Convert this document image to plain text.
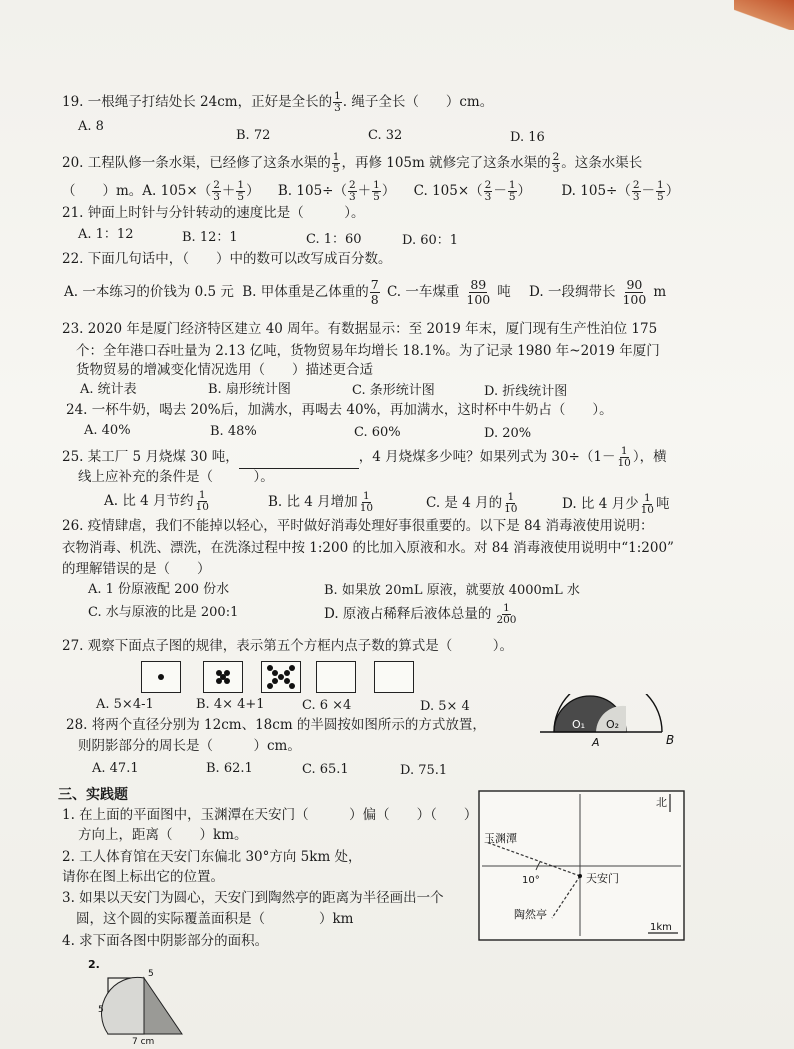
19. 一根绳子打结处长 24cm，正好是全长的 $\frac{1}{3}$ . 绳子全长（　　）cm。
A. 8
B. 72	C. 32	D. 16
20. 工程队修一条水渠，已经修了这条水渠的 $\frac{1}{5}$ ，再修 105m 就修完了这条水渠的 $\frac{2}{3}$ 。这条水渠长
（　　）m。A. $105\times( \frac{2}{3} + \frac{1}{5}$ ） B. $105\div( \frac{2}{3} + \frac{1}{5}$ ） C. $105\times( \frac{2}{3} - \frac{1}{5}$ ） D. $105\div( \frac{2}{3} - \frac{1}{5}$ ）
21. 钟面上时针与分针转动的速度比是（　　　）。
A. 1：12	B. 12：1	C. 1：60	D. 60：1
22. 下面几句话中，（　　）中的数可以改写成百分数。
A. 一本练习的价钱为 0.5 元 B. 甲体重是乙体重的 $\frac{7}{8} C$. 一车煤重 $\frac{89}{100}$ 吨 D. 一段绸带长 $\frac{90}{100}$ m
23. 2020 年是厦门经济特区建立 40 周年。有数据显示：至 2019 年末，厦门现有生产性泊位 175
个：全年港口吞吐量为 2.13 亿吨，货物贸易年均增长 18.1%。为了记录 1980 年~2019 年厦门
货物贸易的增减变化情况选用（　　）描述更合适
A. 统计表	B. 扇形统计图	C. 条形统计图	D. 折线统计图
24. 一杯牛奶，喝去 20%后，加满水，再喝去 40%，再加满水，这时杯中牛奶占（　　）。
A. 40%	B. 48%	C. 60%	D. 20%
25. 某工厂 5 月烧煤 30 吨，	，4 月烧煤多少吨？如果列式为 $30\div(1- \frac{1}{10}$ ），横
线上应补充的条件是（　　　）。
A. 比 4 月节约 $\frac{1}{10}$	B. 比 4 月增加 $\frac{1}{10}$	C. 是 4 月的 $\frac{1}{10}$	D. 比 4 月少 $\frac{1}{10}$ 吨
26. 疫情肆虐，我们不能掉以轻心，平时做好消毒处理好事很重要的。以下是 84 消毒液使用说明：
衣物消毒、机洗、漂洗，在洗涤过程中按 1:200 的比加入原液和水。对 84 消毒液使用说明中“1:200”
的理解错误的是（　　）
A. 1 份原液配 200 份水	B. 如果放 20mL 原液，就要放 4000mL 水
C. 水与原液的比是 200:1	D. 原液占稀释后液体总量的 $\frac{1}{200}$
27. 观察下面点子图的规律，表示第五个方框内点子数的算式是（　　　）。
A. 5×4-1	B. 4× 4+1	C. 6 ×4	D. 5× 4
28. 将两个直径分别为 12cm、18cm 的半圆按如图所示的方式放置，
则阴影部分的周长是（　　　）cm。
A. 47.1	B. 62.1	C. 65.1	D. 75.1
O₁ O₂
A	B
三、实践题
1. 在上面的平面图中，玉渊潭在天安门（　　　）偏（　　）（　　）
方向上，距离（　　）km。
2. 工人体育馆在天安门东偏北 30°方向 5km 处，
请你在图上标出它的位置。
3. 如果以天安门为圆心，天安门到陶然亭的距离为半径画出一个
圆，这个圆的实际覆盖面积是（　　　　）km
4. 求下面各图中阴影部分的面积。
北
玉渊潭
10°	天安门
陶然亭
1km
2.
5
5
7 cm
